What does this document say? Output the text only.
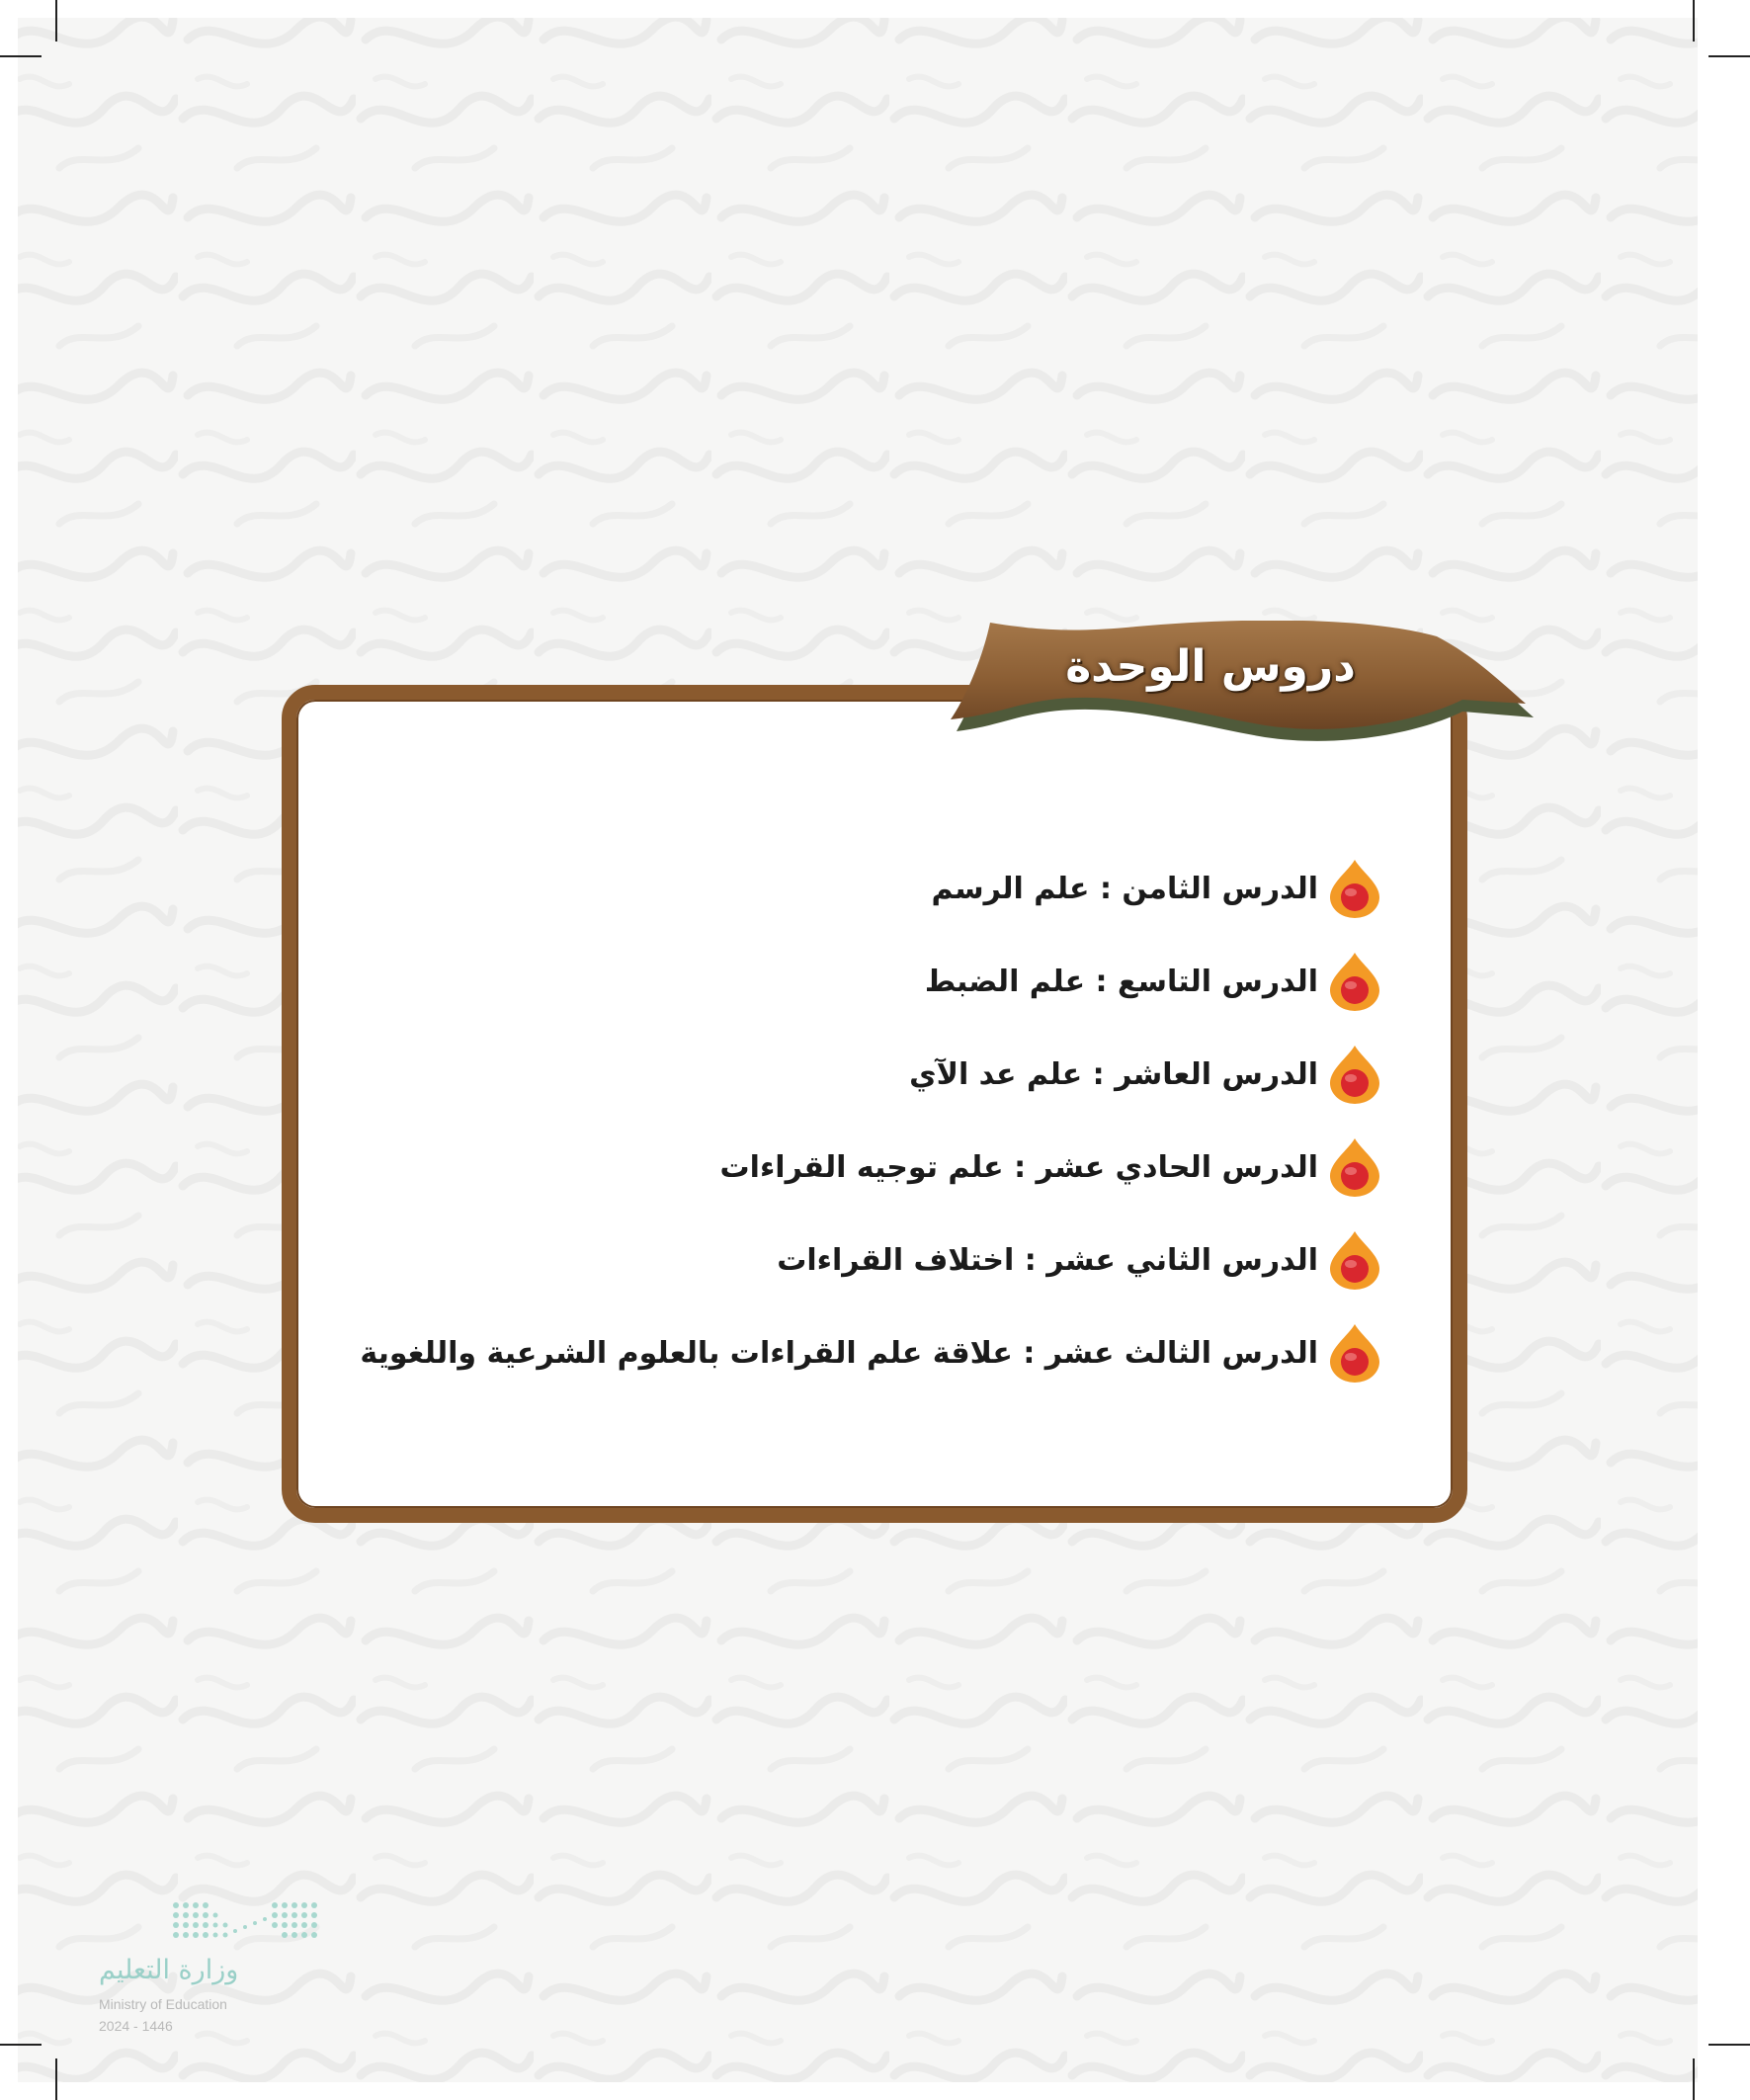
دروس الوحدة
الدرس الثامن : علم الرسم
الدرس التاسع : علم الضبط
الدرس العاشر : علم عد الآي
الدرس الحادي عشر : علم توجيه القراءات
الدرس الثاني عشر : اختلاف القراءات
الدرس الثالث عشر : علاقة علم القراءات بالعلوم الشرعية واللغوية
وزارة التعليم
Ministry of Education
2024 - 1446
